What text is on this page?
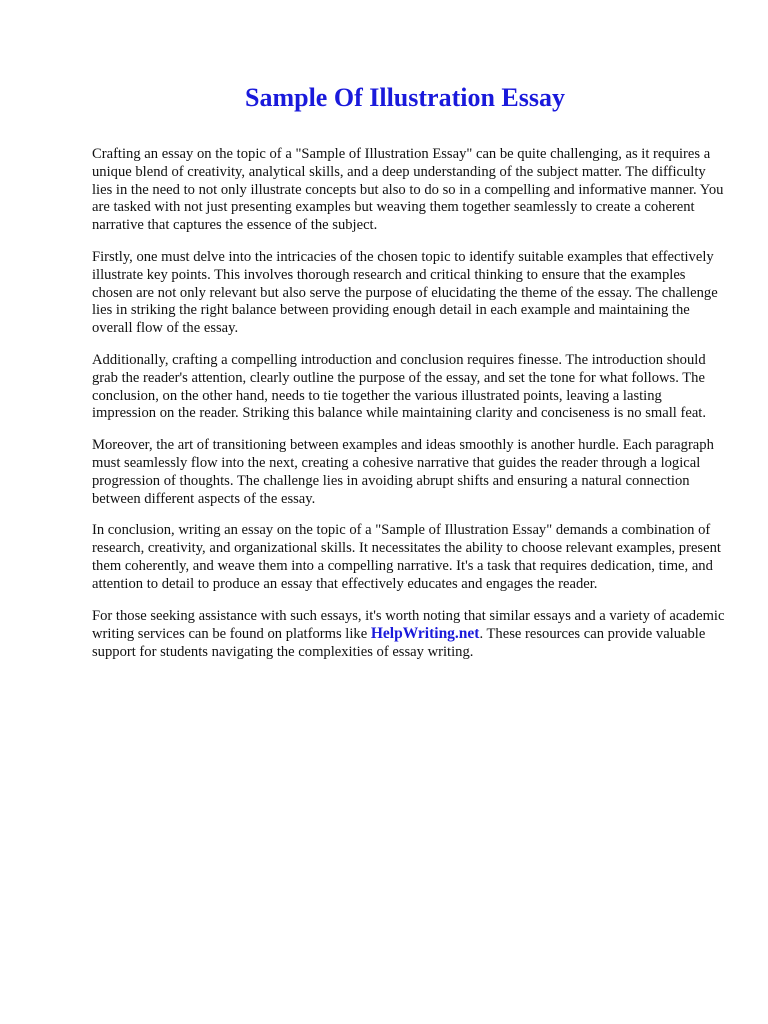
Sample Of Illustration Essay

Crafting an essay on the topic of a "Sample of Illustration Essay" can be quite challenging, as it requires a unique blend of creativity, analytical skills, and a deep understanding of the subject matter. The difficulty lies in the need to not only illustrate concepts but also to do so in a compelling and informative manner. You are tasked with not just presenting examples but weaving them together seamlessly to create a coherent narrative that captures the essence of the subject.

Firstly, one must delve into the intricacies of the chosen topic to identify suitable examples that effectively illustrate key points. This involves thorough research and critical thinking to ensure that the examples chosen are not only relevant but also serve the purpose of elucidating the theme of the essay. The challenge lies in striking the right balance between providing enough detail in each example and maintaining the overall flow of the essay.

Additionally, crafting a compelling introduction and conclusion requires finesse. The introduction should grab the reader's attention, clearly outline the purpose of the essay, and set the tone for what follows. The conclusion, on the other hand, needs to tie together the various illustrated points, leaving a lasting impression on the reader. Striking this balance while maintaining clarity and conciseness is no small feat.

Moreover, the art of transitioning between examples and ideas smoothly is another hurdle. Each paragraph must seamlessly flow into the next, creating a cohesive narrative that guides the reader through a logical progression of thoughts. The challenge lies in avoiding abrupt shifts and ensuring a natural connection between different aspects of the essay.

In conclusion, writing an essay on the topic of a "Sample of Illustration Essay" demands a combination of research, creativity, and organizational skills. It necessitates the ability to choose relevant examples, present them coherently, and weave them into a compelling narrative. It's a task that requires dedication, time, and attention to detail to produce an essay that effectively educates and engages the reader.

For those seeking assistance with such essays, it's worth noting that similar essays and a variety of academic writing services can be found on platforms like HelpWriting.net. These resources can provide valuable support for students navigating the complexities of essay writing.
